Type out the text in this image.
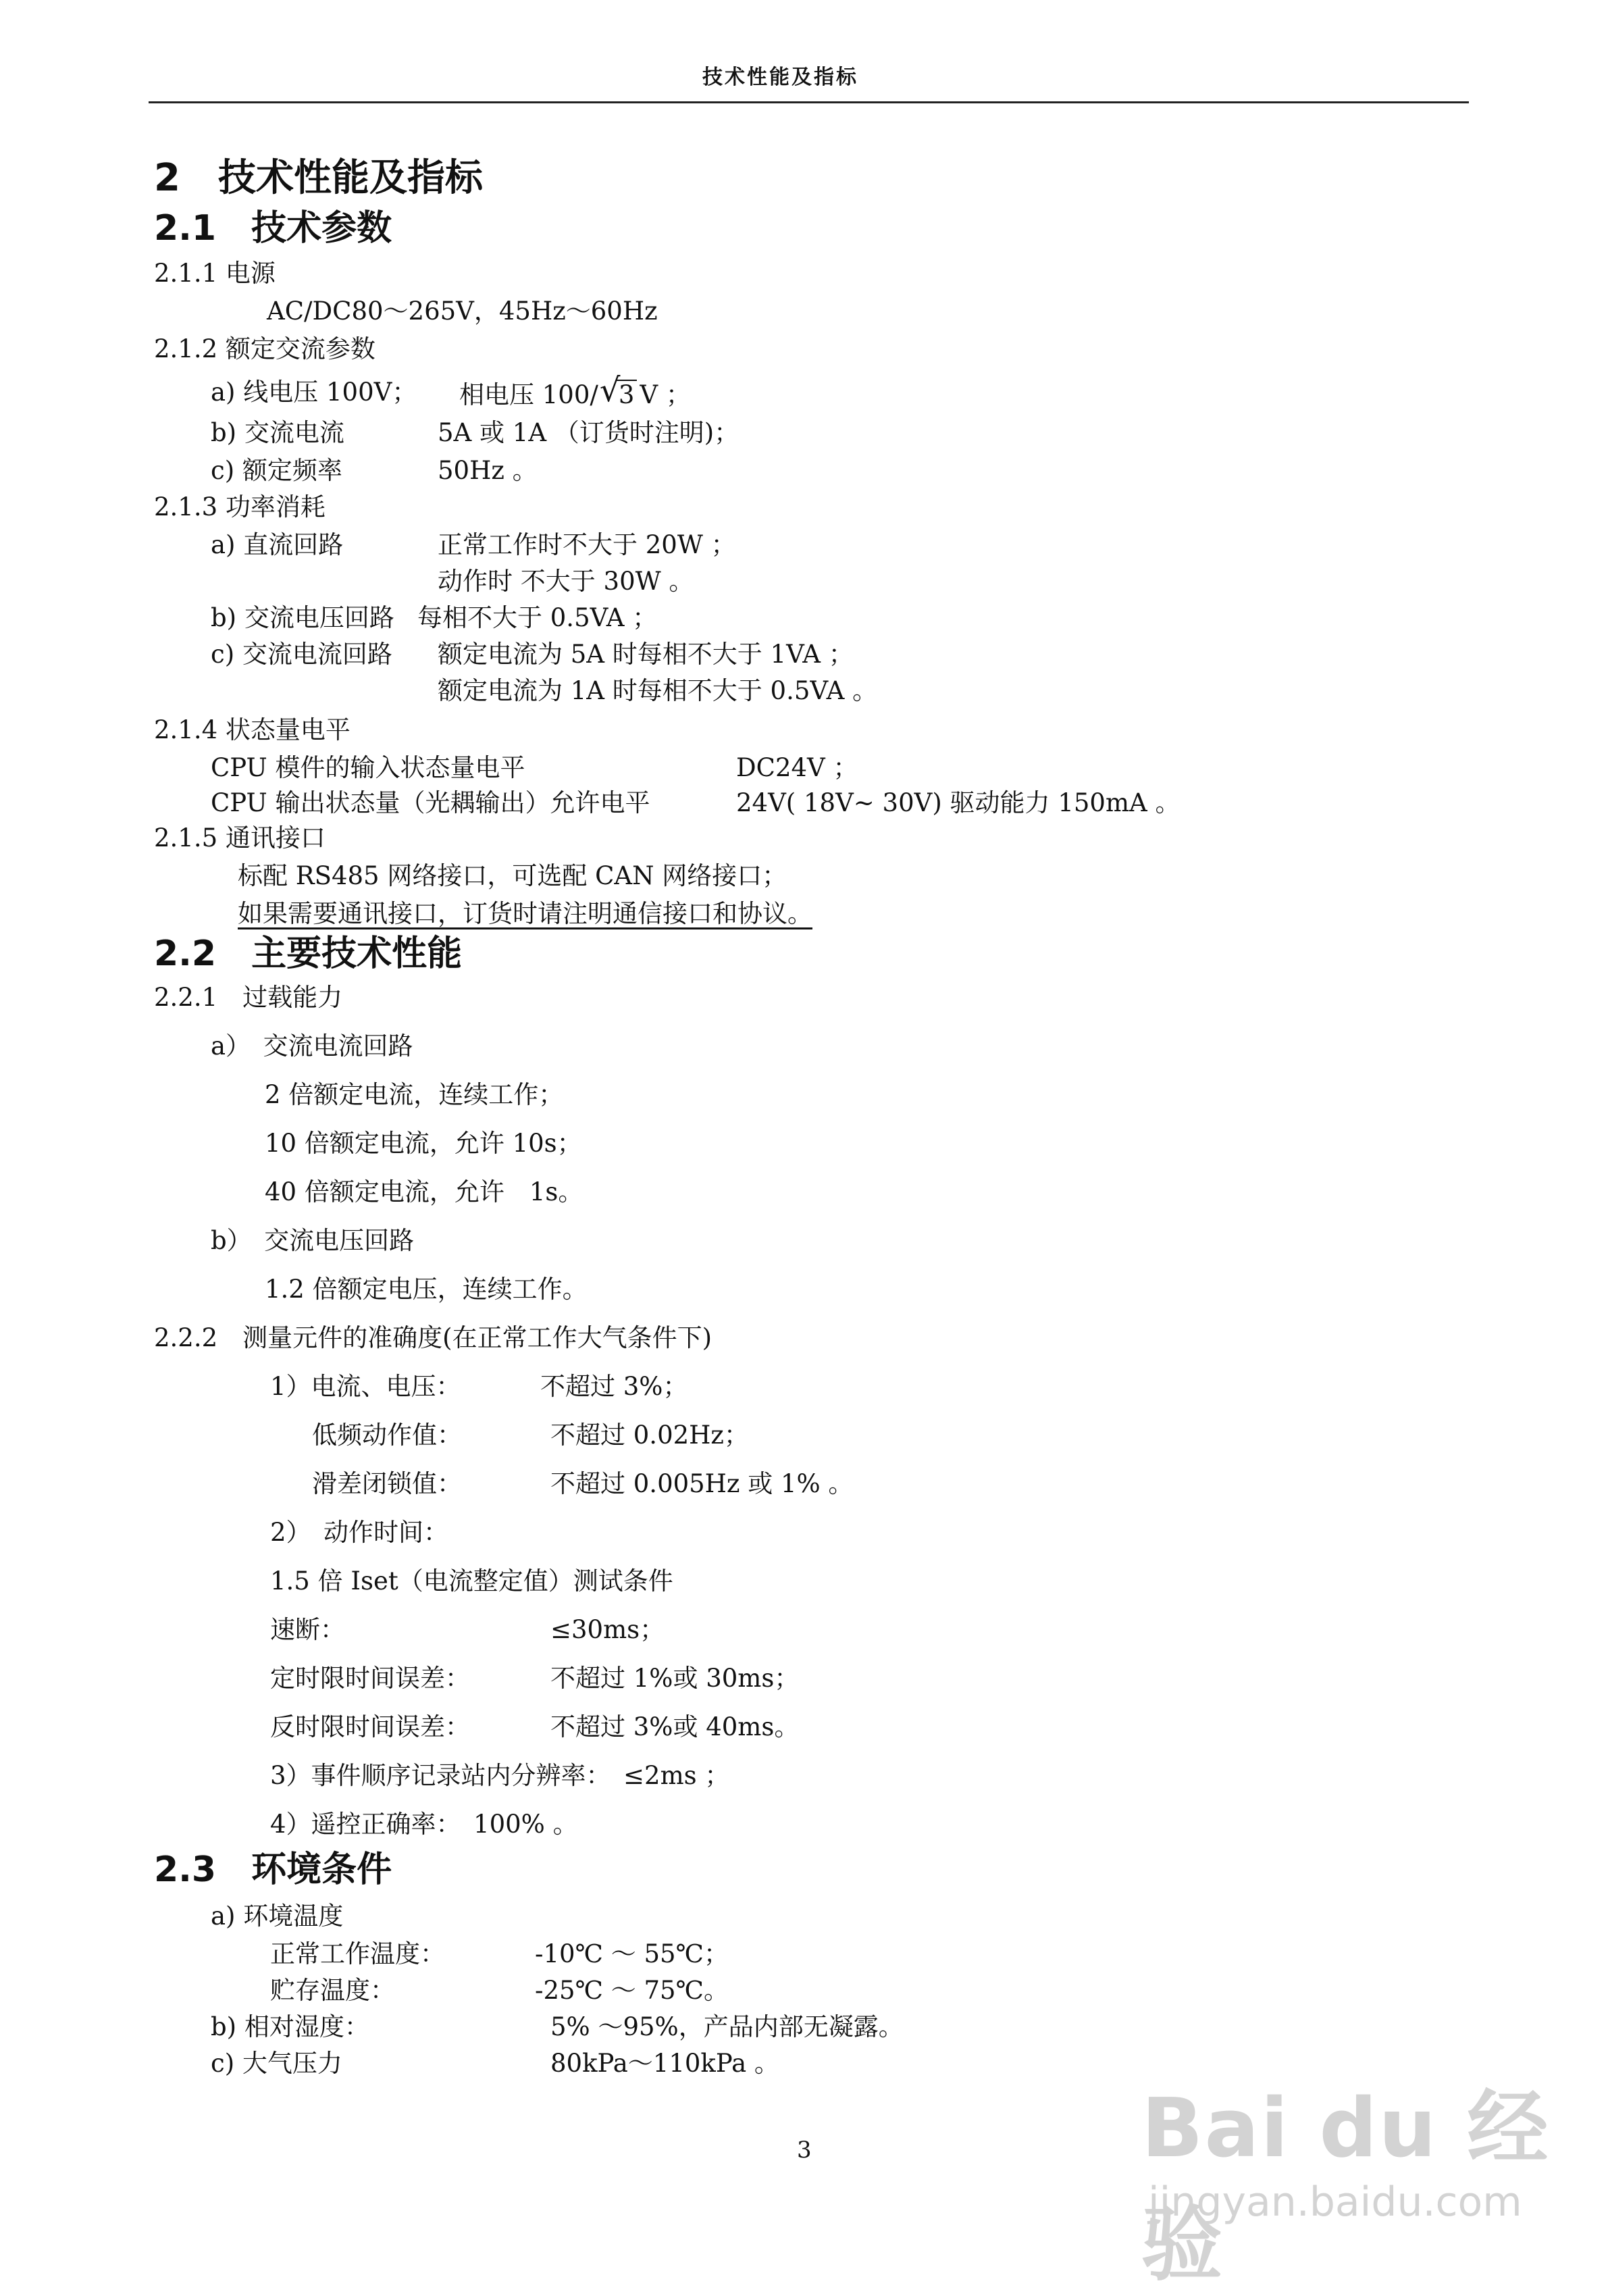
技术性能及指标
2　技术性能及指标
2.1　技术参数
2.1.1 电源
AC/DC80～265V，45Hz～60Hz
2.1.2 额定交流参数
a) 线电压 100V； 相电压 100/√ 3 V ；
b) 交流电流	5A 或 1A （订货时注明)；
c) 额定频率	50Hz 。
2.1.3 功率消耗
a) 直流回路	正常工作时不大于 20W ；
动作时 不大于 30W 。
b) 交流电压回路 每相不大于 0.5VA ；
c) 交流电流回路 额定电流为 5A 时每相不大于 1VA ；
额定电流为 1A 时每相不大于 0.5VA 。
2.1.4 状态量电平
CPU 模件的输入状态量电平	DC24V ；
CPU 输出状态量（光耦输出）允许电平	24V( 18V~ 30V) 驱动能力 150mA 。
2.1.5 通讯接口
标配 RS485 网络接口，可选配 CAN 网络接口；
如果需要通讯接口，订货时请注明通信接口和协议。
2.2　主要技术性能
2.2.1　过载能力
a）　交流电流回路
2 倍额定电流，连续工作；
10 倍额定电流，允许 10s；
40 倍额定电流，允许　1s。
b）　交流电压回路
1.2 倍额定电压，连续工作。
2.2.2　测量元件的准确度(在正常工作大气条件下)
1）电流、电压：	不超过 3%；
低频动作值：	不超过 0.02Hz；
滑差闭锁值：	不超过 0.005Hz 或 1% 。
2）　动作时间：
1.5 倍 Iset（电流整定值）测试条件
速断：	≤30ms；
定时限时间误差：	不超过 1%或 30ms；
反时限时间误差：	不超过 3%或 40ms。
3）事件顺序记录站内分辨率：　≤2ms ；
4）遥控正确率：　100% 。
2.3　环境条件
a) 环境温度
正常工作温度：	-10℃ ～ 55℃；
贮存温度：	-25℃ ～ 75℃。
b) 相对湿度：	5% ～95%，产品内部无凝露。
c) 大气压力	80kPa～110kPa 。
3	Bai du 经验
jingyan.baidu.com
